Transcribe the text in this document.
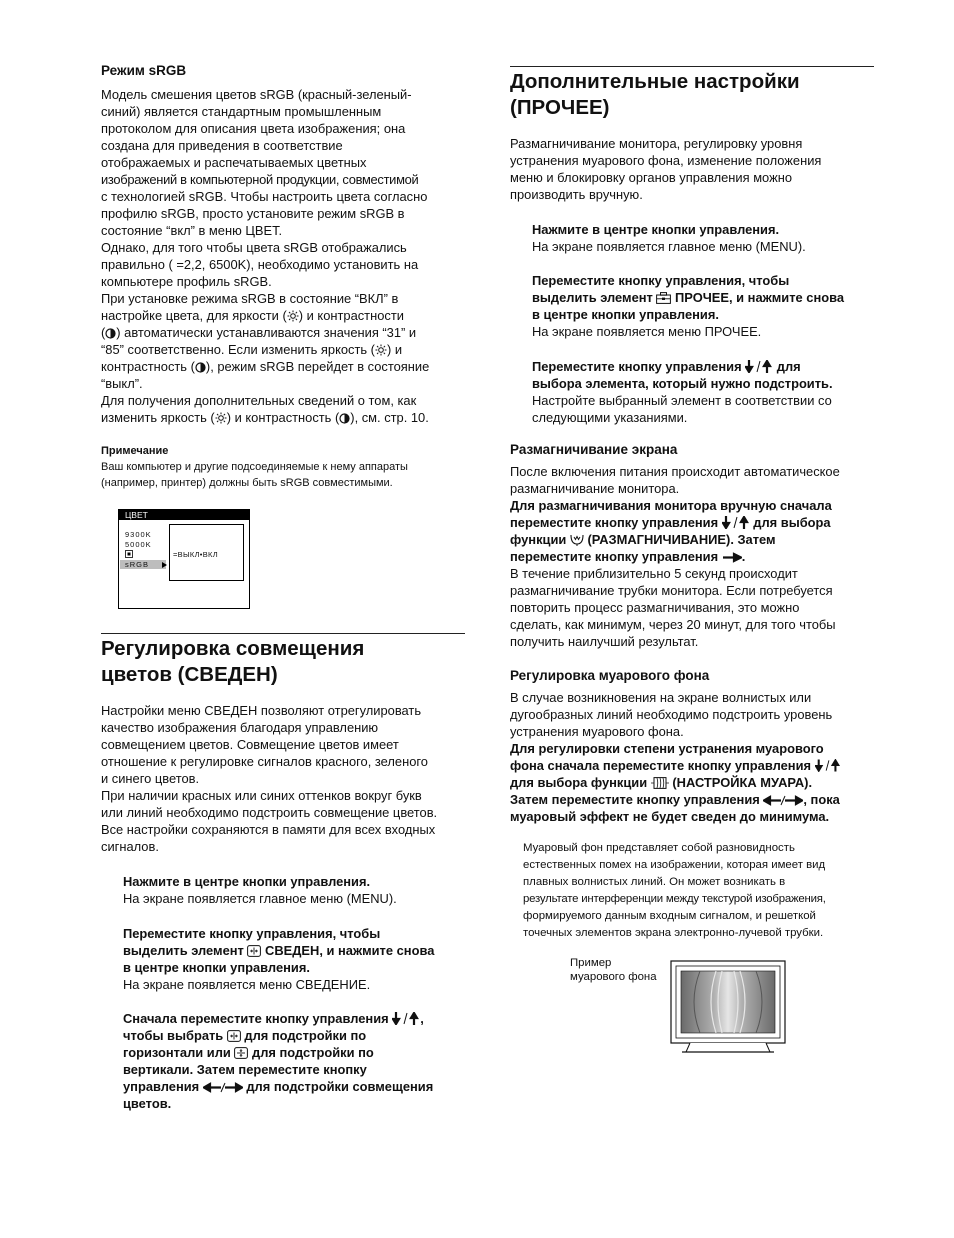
Режим sRGB

Модель смешения цветов sRGB (красный-зеленый-

синий) является стандартным промышленным

протоколом для описания цвета изображения; она

создана для приведения в соответствие

отображаемых и распечатываемых цветных

изображений в компьютерной продукции, совместимой

с технологией sRGB. Чтобы настроить цвета согласно

профилю sRGB, просто установите режим sRGB в

состояние “вкл” в меню ЦВЕТ.

Однако, для того чтобы цвета sRGB отображались

правильно ( =2,2, 6500K), необходимо установить на

компьютере профиль sRGB.

При установке режима sRGB в состояние “ВКЛ” в

настройке цвета, для яркости ( ) и контрастности

( ) автоматически устанавливаются значения “31” и

“85” соответственно. Если изменить яркость ( ) и

контрастность ( ), режим sRGB перейдет в состояние

“выкл”.

Для получения дополнительных сведений о том, как

изменить яркость ( ) и контрастность ( ), см. стр. 10.

Примечание

Ваш компьютер и другие подсоединяемые к нему аппараты

(например, принтер) должны быть sRGB совместимыми.

Регулировка совмещения

цветов (СВЕДЕН)

Настройки меню СВЕДЕН позволяют отрегулировать

качество изображения благодаря управлению

совмещением цветов. Совмещение цветов имеет

отношение к регулировке сигналов красного, зеленого

и синего цветов.

При наличии красных или синих оттенков вокруг букв

или линий необходимо подстроить совмещение цветов.

Все настройки сохраняются в памяти для всех входных

сигналов.

Нажмите в центре кнопки управления.

На экране появляется главное меню (MENU).

Переместите кнопку управления, чтобы

выделить элемент СВЕДЕН, и нажмите снова

в центре кнопки управления.

На экране появляется меню СВЕДЕНИЕ.

Сначала переместите кнопку управления ,

чтобы выбрать для подстройки по

горизонтали или для подстройки по

вертикали. Затем переместите кнопку

управления	для подстройки совмещения

цветов.

ЦВЕТ
9300K
5000K
sRGB
=ВЫКЛ•ВКЛ

Дополнительные настройки

(ПРОЧЕЕ)

Размагничивание монитора, регулировку уровня

устранения муарового фона, изменение положения

меню и блокировку органов управления можно

производить вручную.

Нажмите в центре кнопки управления.

На экране появляется главное меню (MENU).

Переместите кнопку управления, чтобы

выделить элемент ПРОЧЕЕ, и нажмите снова

в центре кнопки управления.

На экране появляется меню ПРОЧЕЕ.

Переместите кнопку управления	для

выбора элемента, который нужно подстроить.

Настройте выбранный элемент в соответствии со

следующими указаниями.

Размагничивание экрана

После включения питания происходит автоматическое

размагничивание монитора.

Для размагничивания монитора вручную сначала

переместите кнопку управления	для выбора

функции (РАЗМАГНИЧИВАНИЕ). Затем

переместите кнопку управления .

В течение приблизительно 5 секунд происходит

размагничивание трубки монитора. Если потребуется

повторить процесс размагничивания, это можно

сделать, как минимум, через 20 минут, для того чтобы

получить наилучший результат.

Регулировка муарового фона

В случае возникновения на экране волнистых или

дугообразных линий необходимо подстроить уровень

устранения муарового фона.

Для регулировки степени устранения муарового

фона сначала переместите кнопку управления

для выбора функции (НАСТРОЙКА МУАРА).

Затем переместите кнопку управления	, пока

муаровый эффект не будет сведен до минимума.

Муаровый фон представляет собой разновидность

естественных помех на изображении, которая имеет вид

плавных волнистых линий. Он может возникать в

результате интерференции между текстурой изображения,

формируемого данным входным сигналом, и решеткой

точечных элементов экрана электронно-лучевой трубки.

Пример

муарового фона
